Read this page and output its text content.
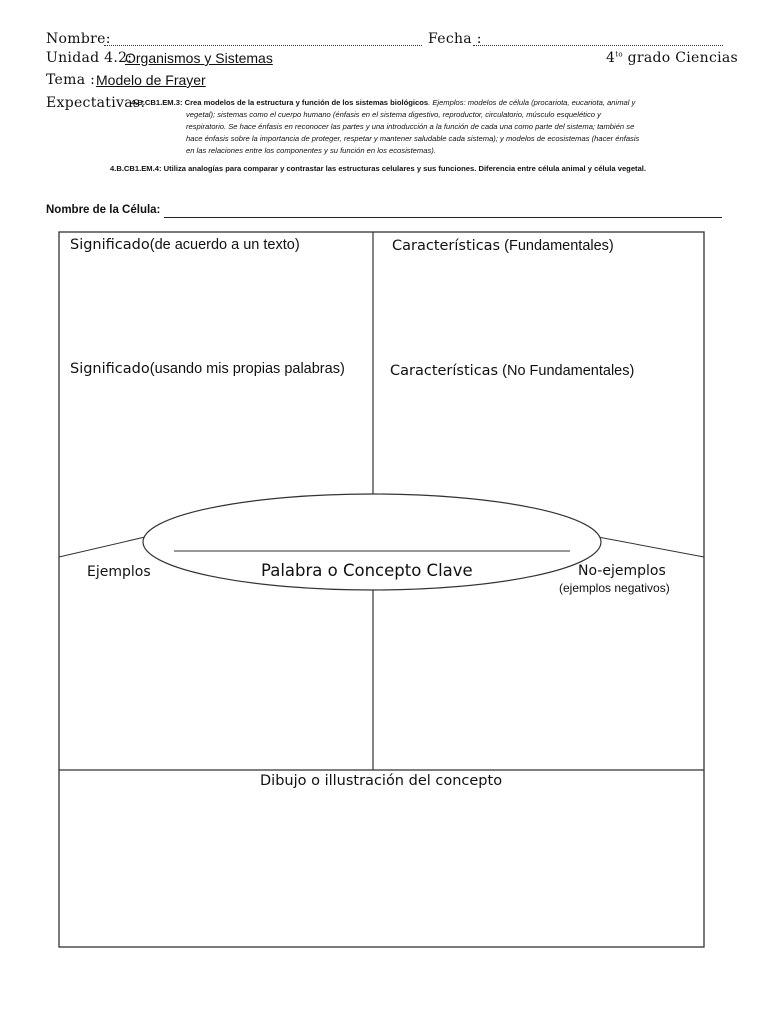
Nombre:	Fecha :
Unidad 4.2:
Organismos y Sistemas	$4^{to}$ grado Ciencias
Tema : Modelo de Frayer
Expectativas:
4.B.CB1.EM.3: Crea modelos de la estructura y función de los sistemas biológicos. Ejemplos: modelos de célula (procariota, eucariota, animal y
vegetal); sistemas como el cuerpo humano (énfasis en el sistema digestivo, reproductor, circulatorio, músculo esquelético y
respiratorio. Se hace énfasis en reconocer las partes y una introducción a la función de cada una como parte del sistema; también se
hace énfasis sobre la importancia de proteger, respetar y mantener saludable cada sistema); y modelos de ecosistemas (hacer énfasis
en las relaciones entre los componentes y su función en los ecosistemas).
4.B.CB1.EM.4: Utiliza analogías para comparar y contrastar las estructuras celulares y sus funciones. Diferencia entre célula animal y célula vegetal.
Nombre de la Célula:
Significado(de acuerdo a un texto)	Características (Fundamentales)
Significado(usando mis propias palabras)	Características (No Fundamentales)
Palabra o Concepto Clave
Ejemplos	No-ejemplos
(ejemplos negativos)
Dibujo o illustración del concepto
